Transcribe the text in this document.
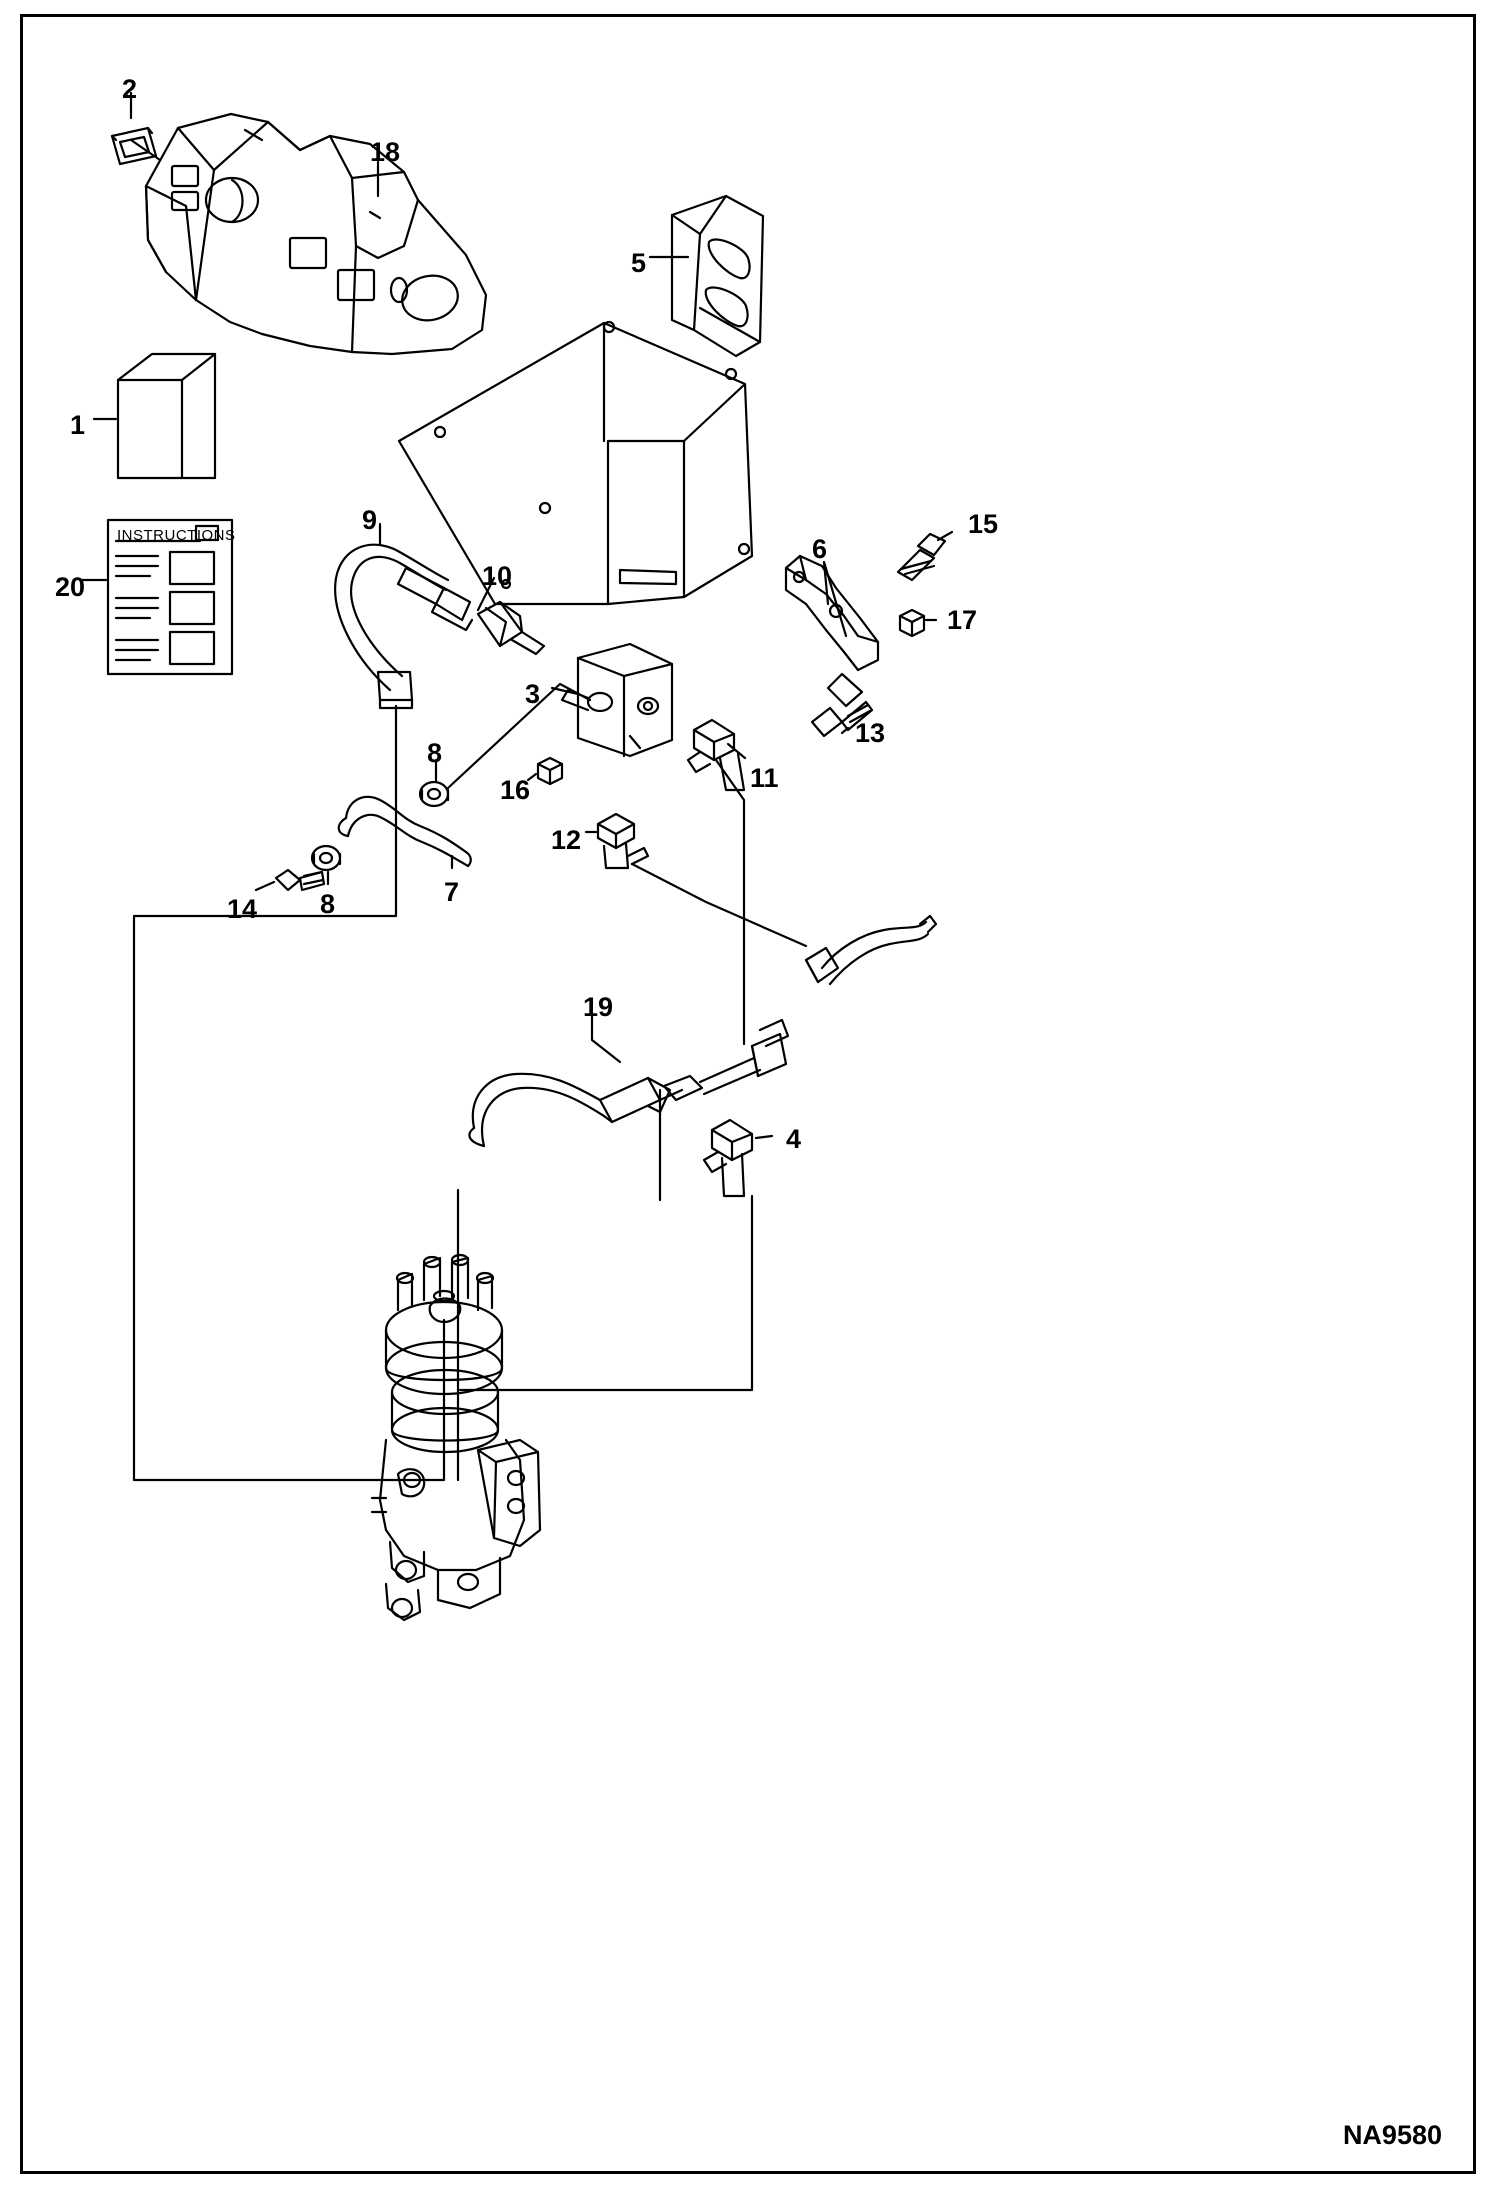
INSTRUCTIONS
2
18
5
1
9	15
6
10
20
17
3
13
8
11
16
12
7
8
14
19
4
NA9580
